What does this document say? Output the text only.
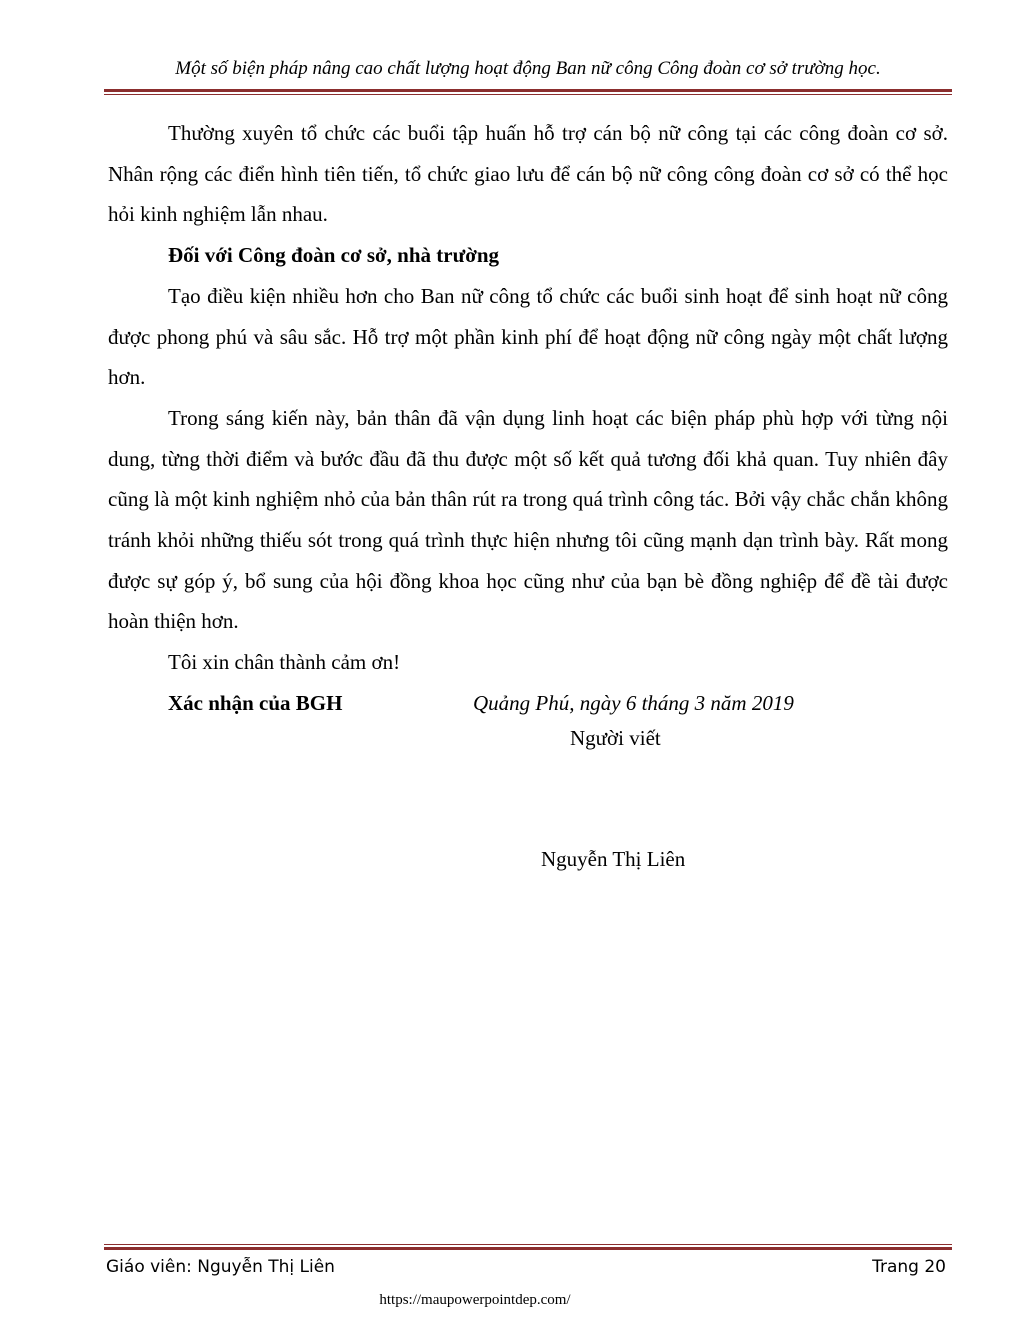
Một số biện pháp nâng cao chất lượng hoạt động Ban nữ công Công đoàn cơ sở trường học.

Thường xuyên tổ chức các buổi tập huấn hỗ trợ cán bộ nữ công tại các công đoàn cơ sở. Nhân rộng các điển hình tiên tiến, tổ chức giao lưu để cán bộ nữ công công đoàn cơ sở có thể học hỏi kinh nghiệm lẫn nhau.

Đối với Công đoàn cơ sở, nhà trường

Tạo điều kiện nhiều hơn cho Ban nữ công tổ chức các buổi sinh hoạt để sinh hoạt nữ công được phong phú và sâu sắc. Hỗ trợ một phần kinh phí để hoạt động nữ công ngày một chất lượng hơn.

Trong sáng kiến này, bản thân đã vận dụng linh hoạt các biện pháp phù hợp với từng nội dung, từng thời điểm và bước đầu đã thu được một số kết quả tương đối khả quan. Tuy nhiên đây cũng là một kinh nghiệm nhỏ của bản thân rút ra trong quá trình công tác. Bởi vậy chắc chắn không tránh khỏi những thiếu sót trong quá trình thực hiện nhưng tôi cũng mạnh dạn trình bày. Rất mong được sự góp ý, bổ sung của hội đồng khoa học cũng như của bạn bè đồng nghiệp để đề tài được hoàn thiện hơn.

Tôi xin chân thành cảm ơn!

Xác nhận của BGH	Quảng Phú, ngày 6 tháng 3 năm 2019
Người viết
Nguyễn Thị Liên
Giáo viên: Nguyễn Thị Liên	Trang 20
https://maupowerpointdep.com/
